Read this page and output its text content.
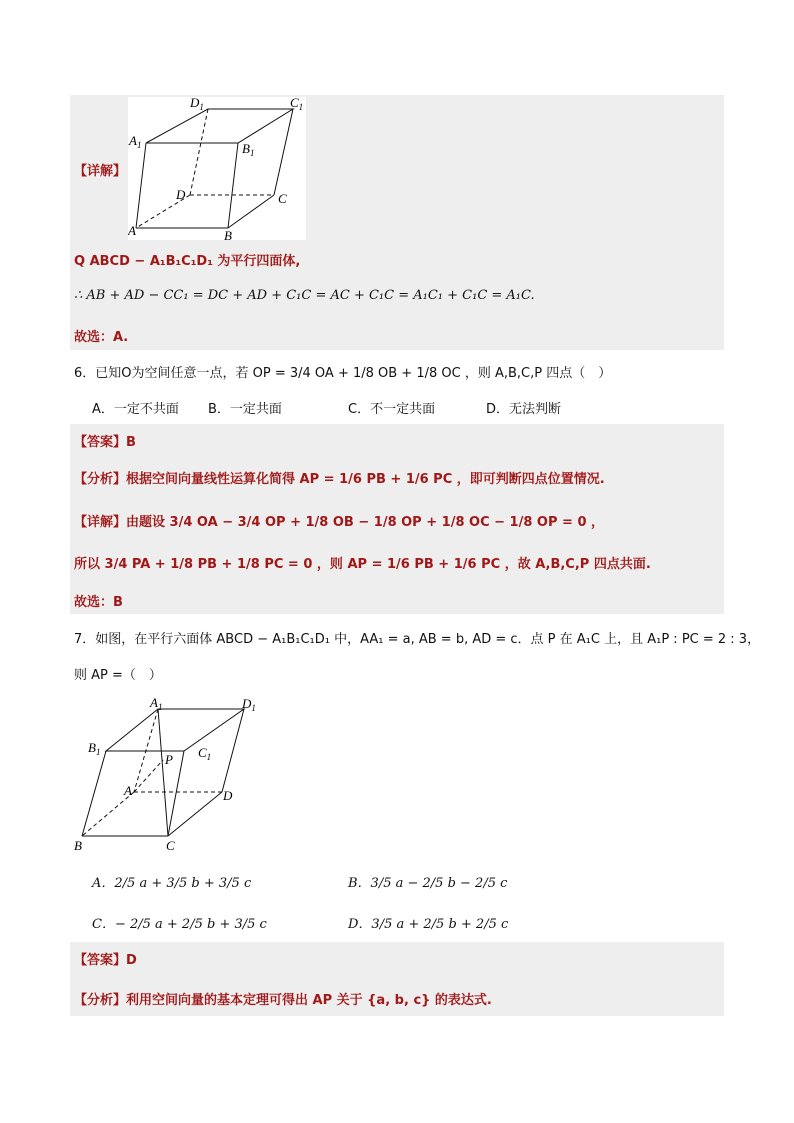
【详解】
$D_1$	$C_1$
$A_1$	$B_1$
D	C
A	B
Q ABCD − A₁B₁C₁D₁ 为平行四面体,
∴ AB + AD − CC₁ = DC + AD + C₁C = AC + C₁C = A₁C₁ + C₁C = A₁C.
故选：A.
6．已知O为空间任意一点，若 OP = 3/4 OA + 1/8 OB + 1/8 OC ，则 A,B,C,P 四点（　）
A．一定不共面 B．一定共面	C．不一定共面	D．无法判断
【答案】B
【分析】根据空间向量线性运算化简得 AP = 1/6 PB + 1/6 PC ，即可判断四点位置情况.
【详解】由题设 3/4 OA − 3/4 OP + 1/8 OB − 1/8 OP + 1/8 OC − 1/8 OP = 0 ，
所以 3/4 PA + 1/8 PB + 1/8 PC = 0 ，则 AP = 1/6 PB + 1/6 PC ，故 A,B,C,P 四点共面.
故选：B
7．如图，在平行六面体 ABCD − A₁B₁C₁D₁ 中，AA₁ = a, AB = b, AD = c．点 P 在 A₁C 上，且 A₁P : PC = 2 : 3，
则 AP =（　）
$A_1$	$D_1$
$B_1$	P $C_1$
A	D
B	C
A．2/5 a + 3/5 b + 3/5 c	B．3/5 a − 2/5 b − 2/5 c
C．− 2/5 a + 2/5 b + 3/5 c	D．3/5 a + 2/5 b + 2/5 c
【答案】D
【分析】利用空间向量的基本定理可得出 AP 关于 {a, b, c} 的表达式.
